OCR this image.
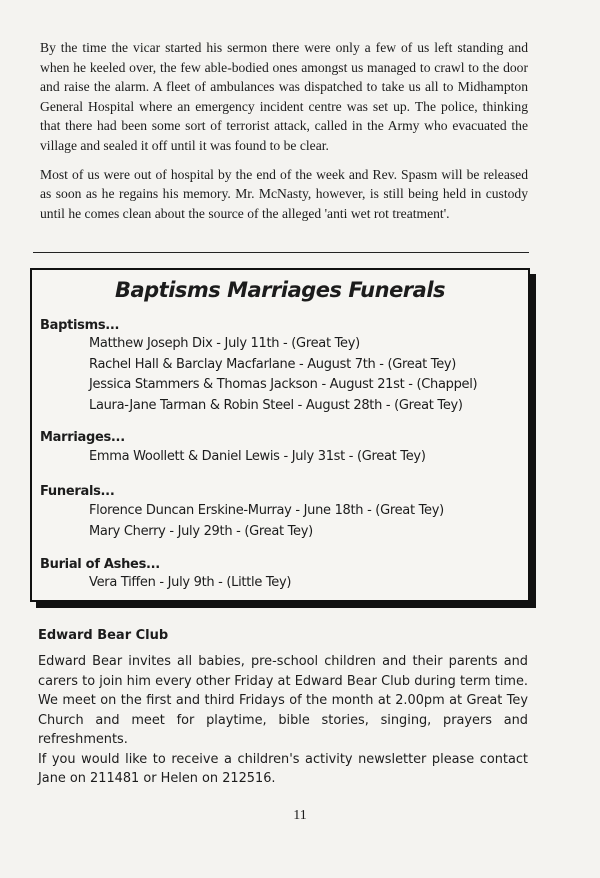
By the time the vicar started his sermon there were only a few of us left standing and when he keeled over, the few able-bodied ones amongst us managed to crawl to the door and raise the alarm. A fleet of ambulances was dispatched to take us all to Midhampton General Hospital where an emergency incident centre was set up. The police, thinking that there had been some sort of terrorist attack, called in the Army who evacuated the village and sealed it off until it was found to be clear.

Most of us were out of hospital by the end of the week and Rev. Spasm will be released as soon as he regains his memory. Mr. McNasty, however, is still being held in custody until he comes clean about the source of the alleged 'anti wet rot treatment'.

Baptisms Marriages Funerals
Baptisms...
Matthew Joseph Dix - July 11th - (Great Tey)
Rachel Hall & Barclay Macfarlane - August 7th - (Great Tey)
Jessica Stammers & Thomas Jackson - August 21st - (Chappel)
Laura-Jane Tarman & Robin Steel - August 28th - (Great Tey)
Marriages...
Emma Woollett & Daniel Lewis - July 31st - (Great Tey)
Funerals...
Florence Duncan Erskine-Murray - June 18th - (Great Tey)
Mary Cherry - July 29th - (Great Tey)
Burial of Ashes...
Vera Tiffen - July 9th - (Little Tey)
Edward Bear Club

Edward Bear invites all babies, pre-school children and their parents and carers to join him every other Friday at Edward Bear Club during term time. We meet on the first and third Fridays of the month at 2.00pm at Great Tey Church and meet for playtime, bible stories, singing, prayers and refreshments.

If you would like to receive a children's activity newsletter please contact Jane on 211481 or Helen on 212516.

11
